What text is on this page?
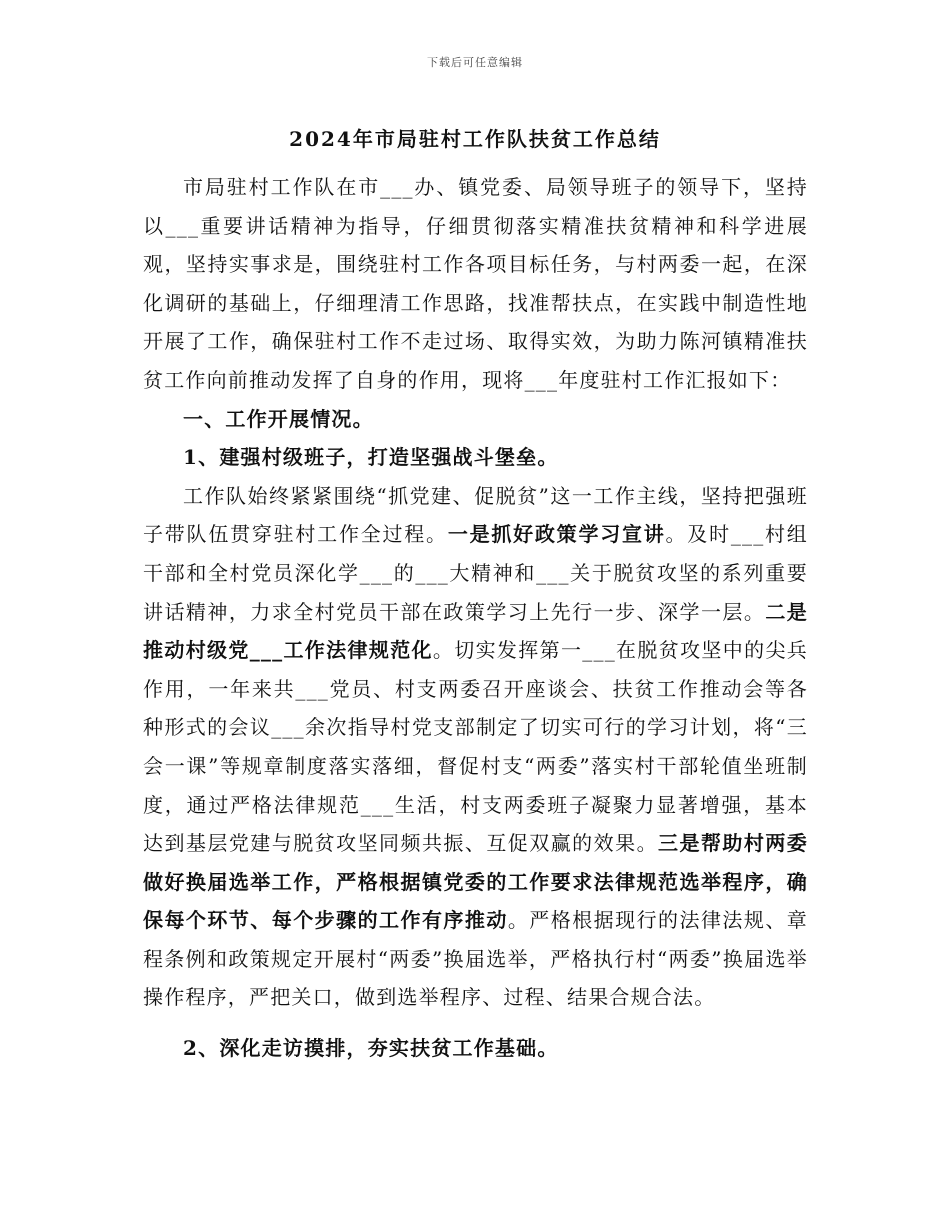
下载后可任意编辑
2024年市局驻村工作队扶贫工作总结

市局驻村工作队在市___办、镇党委、局领导班子的领导下，坚持以___重要讲话精神为指导，仔细贯彻落实精准扶贫精神和科学进展观，坚持实事求是，围绕驻村工作各项目标任务，与村两委一起，在深化调研的基础上，仔细理清工作思路，找准帮扶点，在实践中制造性地开展了工作，确保驻村工作不走过场、取得实效，为助力陈河镇精准扶贫工作向前推动发挥了自身的作用，现将___年度驻村工作汇报如下：

一、工作开展情况。

1、建强村级班子，打造坚强战斗堡垒。

工作队始终紧紧围绕“抓党建、促脱贫”这一工作主线，坚持把强班子带队伍贯穿驻村工作全过程。一是抓好政策学习宣讲。及时___村组干部和全村党员深化学___的___大精神和___关于脱贫攻坚的系列重要讲话精神，力求全村党员干部在政策学习上先行一步、深学一层。二是推动村级党___工作法律规范化。切实发挥第一___在脱贫攻坚中的尖兵作用，一年来共___党员、村支两委召开座谈会、扶贫工作推动会等各种形式的会议___余次指导村党支部制定了切实可行的学习计划，将“三会一课”等规章制度落实落细，督促村支“两委”落实村干部轮值坐班制度，通过严格法律规范___生活，村支两委班子凝聚力显著增强，基本达到基层党建与脱贫攻坚同频共振、互促双赢的效果。三是帮助村两委做好换届选举工作，严格根据镇党委的工作要求法律规范选举程序，确保每个环节、每个步骤的工作有序推动。严格根据现行的法律法规、章程条例和政策规定开展村“两委”换届选举，严格执行村“两委”换届选举操作程序，严把关口，做到选举程序、过程、结果合规合法。

2、深化走访摸排，夯实扶贫工作基础。
